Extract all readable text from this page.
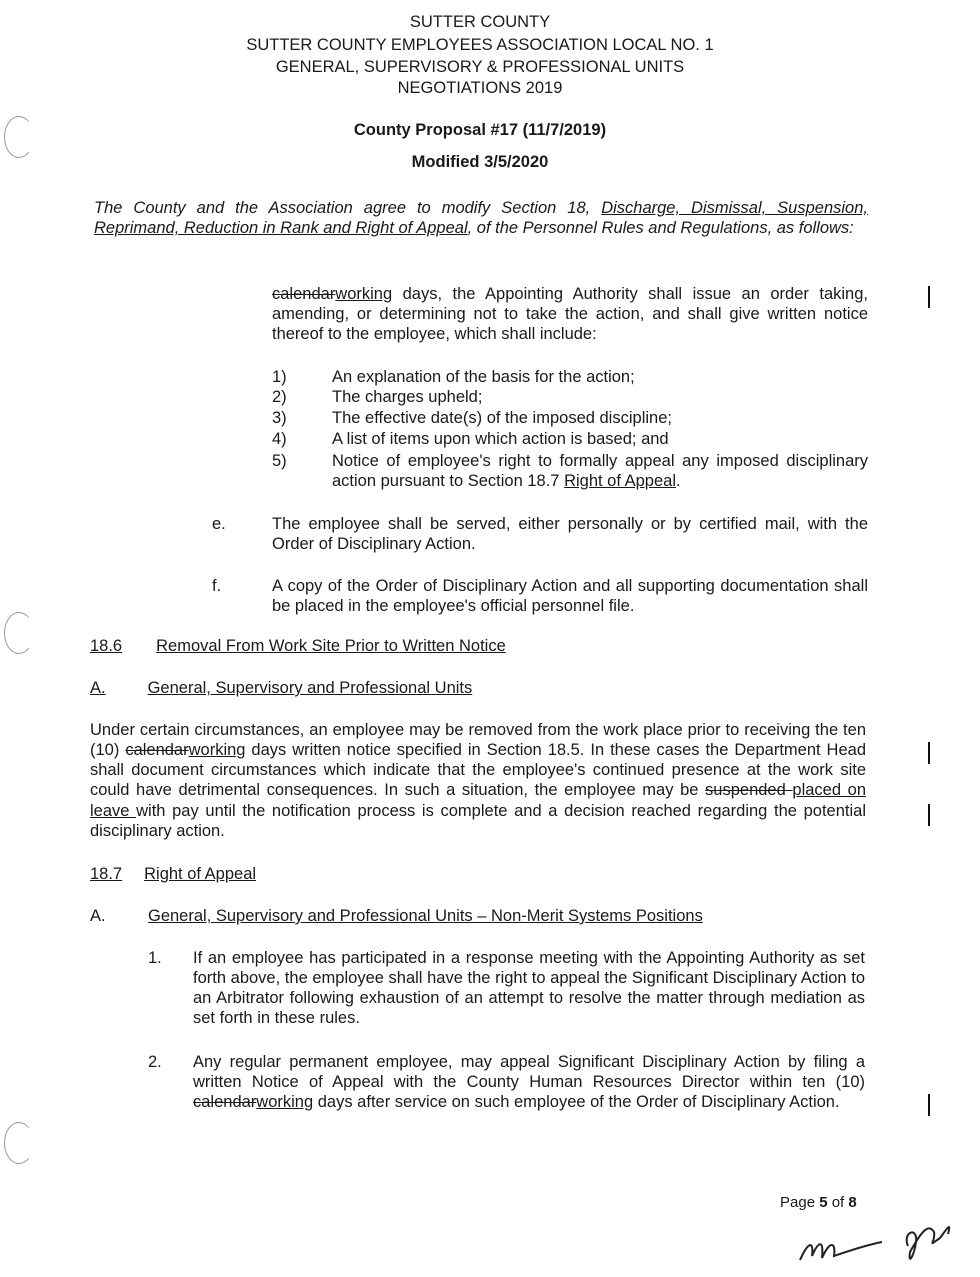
SUTTER COUNTY
SUTTER COUNTY EMPLOYEES ASSOCIATION LOCAL NO. 1
GENERAL, SUPERVISORY & PROFESSIONAL UNITS
NEGOTIATIONS 2019
County Proposal #17 (11/7/2019)
Modified 3/5/2020
The County and the Association agree to modify Section 18, Discharge, Dismissal, Suspension, Reprimand, Reduction in Rank and Right of Appeal, of the Personnel Rules and Regulations, as follows:
calendarworking days, the Appointing Authority shall issue an order taking, amending, or determining not to take the action, and shall give written notice thereof to the employee, which shall include:
1)	An explanation of the basis for the action;
2)	The charges upheld;
3)	The effective date(s) of the imposed discipline;
4)	A list of items upon which action is based; and
5)	Notice of employee's right to formally appeal any imposed disciplinary action pursuant to Section 18.7 Right of Appeal.
e.	The employee shall be served, either personally or by certified mail, with the Order of Disciplinary Action.
f.	A copy of the Order of Disciplinary Action and all supporting documentation shall be placed in the employee's official personnel file.
18.6 Removal From Work Site Prior to Written Notice
A.	General, Supervisory and Professional Units
Under certain circumstances, an employee may be removed from the work place prior to receiving the ten (10) calendarworking days written notice specified in Section 18.5. In these cases the Department Head shall document circumstances which indicate that the employee's continued presence at the work site could have detrimental consequences. In such a situation, the employee may be suspended placed on leave with pay until the notification process is complete and a decision reached regarding the potential disciplinary action.
18.7 Right of Appeal
A.	General, Supervisory and Professional Units – Non-Merit Systems Positions
1. If an employee has participated in a response meeting with the Appointing Authority as set forth above, the employee shall have the right to appeal the Significant Disciplinary Action to an Arbitrator following exhaustion of an attempt to resolve the matter through mediation as set forth in these rules.
2. Any regular permanent employee, may appeal Significant Disciplinary Action by filing a written Notice of Appeal with the County Human Resources Director within ten (10) calendarworking days after service on such employee of the Order of Disciplinary Action.
Page 5 of 8
